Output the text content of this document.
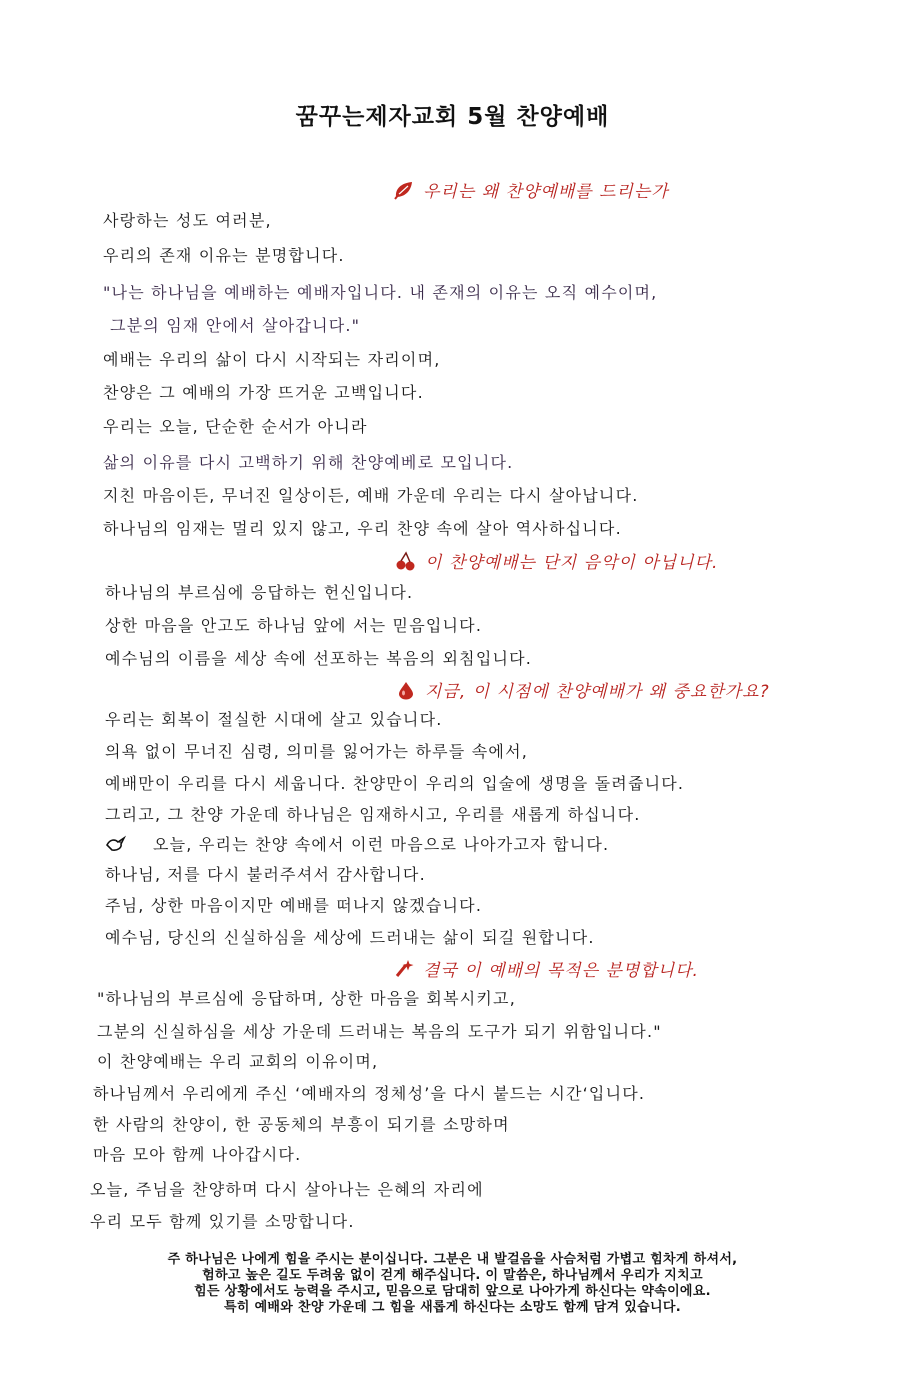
꿈꾸는제자교회 5월 찬양예배
우리는 왜 찬양예배를 드리는가
사랑하는 성도 여러분,
우리의 존재 이유는 분명합니다.
"나는 하나님을 예배하는 예배자입니다. 내 존재의 이유는 오직 예수이며,
그분의 임재 안에서 살아갑니다."
예배는 우리의 삶이 다시 시작되는 자리이며,
찬양은 그 예배의 가장 뜨거운 고백입니다.
우리는 오늘, 단순한 순서가 아니라
삶의 이유를 다시 고백하기 위해 찬양예베로 모입니다.
지친 마음이든, 무너진 일상이든, 예배 가운데 우리는 다시 살아납니다.
하나님의 임재는 멀리 있지 않고, 우리 찬양 속에 살아 역사하십니다.
이 찬양예배는 단지 음악이 아닙니다.
하나님의 부르심에 응답하는 헌신입니다.
상한 마음을 안고도 하나님 앞에 서는 믿음입니다.
예수님의 이름을 세상 속에 선포하는 복음의 외침입니다.
지금, 이 시점에 찬양예배가 왜 중요한가요?
우리는 회복이 절실한 시대에 살고 있습니다.
의욕 없이 무너진 심령, 의미를 잃어가는 하루들 속에서,
예배만이 우리를 다시 세웁니다. 찬양만이 우리의 입술에 생명을 돌려줍니다.
그리고, 그 찬양 가운데 하나님은 임재하시고, 우리를 새롭게 하십니다.
오늘, 우리는 찬양 속에서 이런 마음으로 나아가고자 합니다.
하나님, 저를 다시 불러주셔서 감사합니다.
주님, 상한 마음이지만 예배를 떠나지 않겠습니다.
예수님, 당신의 신실하심을 세상에 드러내는 삶이 되길 원합니다.
결국 이 예배의 목적은 분명합니다.
"하나님의 부르심에 응답하며, 상한 마음을 회복시키고,
그분의 신실하심을 세상 가운데 드러내는 복음의 도구가 되기 위함입니다."
이 찬양예배는 우리 교회의 이유이며,
하나님께서 우리에게 주신 ‘예배자의 정체성’을 다시 붙드는 시간‘입니다.
한 사람의 찬양이, 한 공동체의 부흥이 되기를 소망하며
마음 모아 함께 나아갑시다.
오늘, 주님을 찬양하며 다시 살아나는 은혜의 자리에
우리 모두 함께 있기를 소망합니다.
주 하나님은 나에게 힘을 주시는 분이십니다. 그분은 내 발걸음을 사슴처럼 가볍고 힘차게 하셔서,
험하고 높은 길도 두려움 없이 걷게 해주십니다. 이 말씀은, 하나님께서 우리가 지치고
힘든 상황에서도 능력을 주시고, 믿음으로 담대히 앞으로 나아가게 하신다는 약속이에요.
특히 예배와 찬양 가운데 그 힘을 새롭게 하신다는 소망도 함께 담겨 있습니다.
